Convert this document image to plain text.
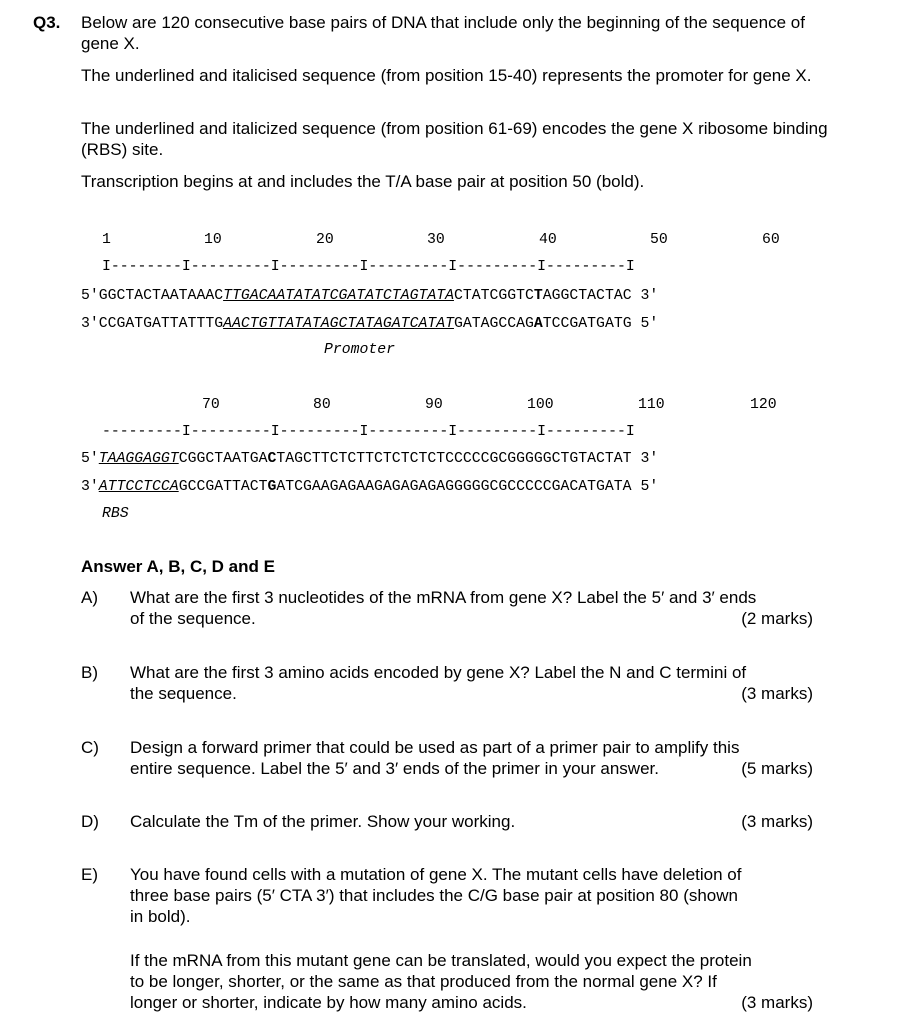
Q3. Below are 120 consecutive base pairs of DNA that include only the beginning of the sequence of gene X.
The underlined and italicised sequence (from position 15-40) represents the promoter for gene X.
The underlined and italicized sequence (from position 61-69) encodes the gene X ribosome binding (RBS) site.
Transcription begins at and includes the T/A base pair at position 50 (bold).
1	10	20	30	40	50	60
I--------I---------I---------I---------I---------I---------I
5'GGCTACTAATAAACTTGACAATATATCGATATCTAGTATACTATCGGTCTAGGCTACTAC 3'
3'CCGATGATTATTTGAACTGTTATATAGCTATAGATCATATGATAGCCAGATCCGATGATG 5'
Promoter
70	80	90	100	110	120
---------I---------I---------I---------I---------I---------I
5'TAAGGAGGTCGGCTAATGACTAGCTTCTCTTCTCTCTCTCCCCCGCGGGGGCTGTACTAT 3'
3'ATTCCTCCAGCCGATTACTGATCGAAGAGAAGAGAGAGAGGGGGCGCCCCCGACATGATA 5'
RBS
Answer A, B, C, D and E
A) What are the first 3 nucleotides of the mRNA from gene X? Label the 5′ and 3′ ends
of the sequence.	(2 marks)
B) What are the first 3 amino acids encoded by gene X? Label the N and C termini of
the sequence.	(3 marks)
C) Design a forward primer that could be used as part of a primer pair to amplify this
entire sequence. Label the 5′ and 3′ ends of the primer in your answer.	(5 marks)
D) Calculate the Tm of the primer. Show your working.	(3 marks)
E) You have found cells with a mutation of gene X. The mutant cells have deletion of
three base pairs (5′ CTA 3′) that includes the C/G base pair at position 80 (shown
in bold).
If the mRNA from this mutant gene can be translated, would you expect the protein
to be longer, shorter, or the same as that produced from the normal gene X? If
longer or shorter, indicate by how many amino acids.	(3 marks)
